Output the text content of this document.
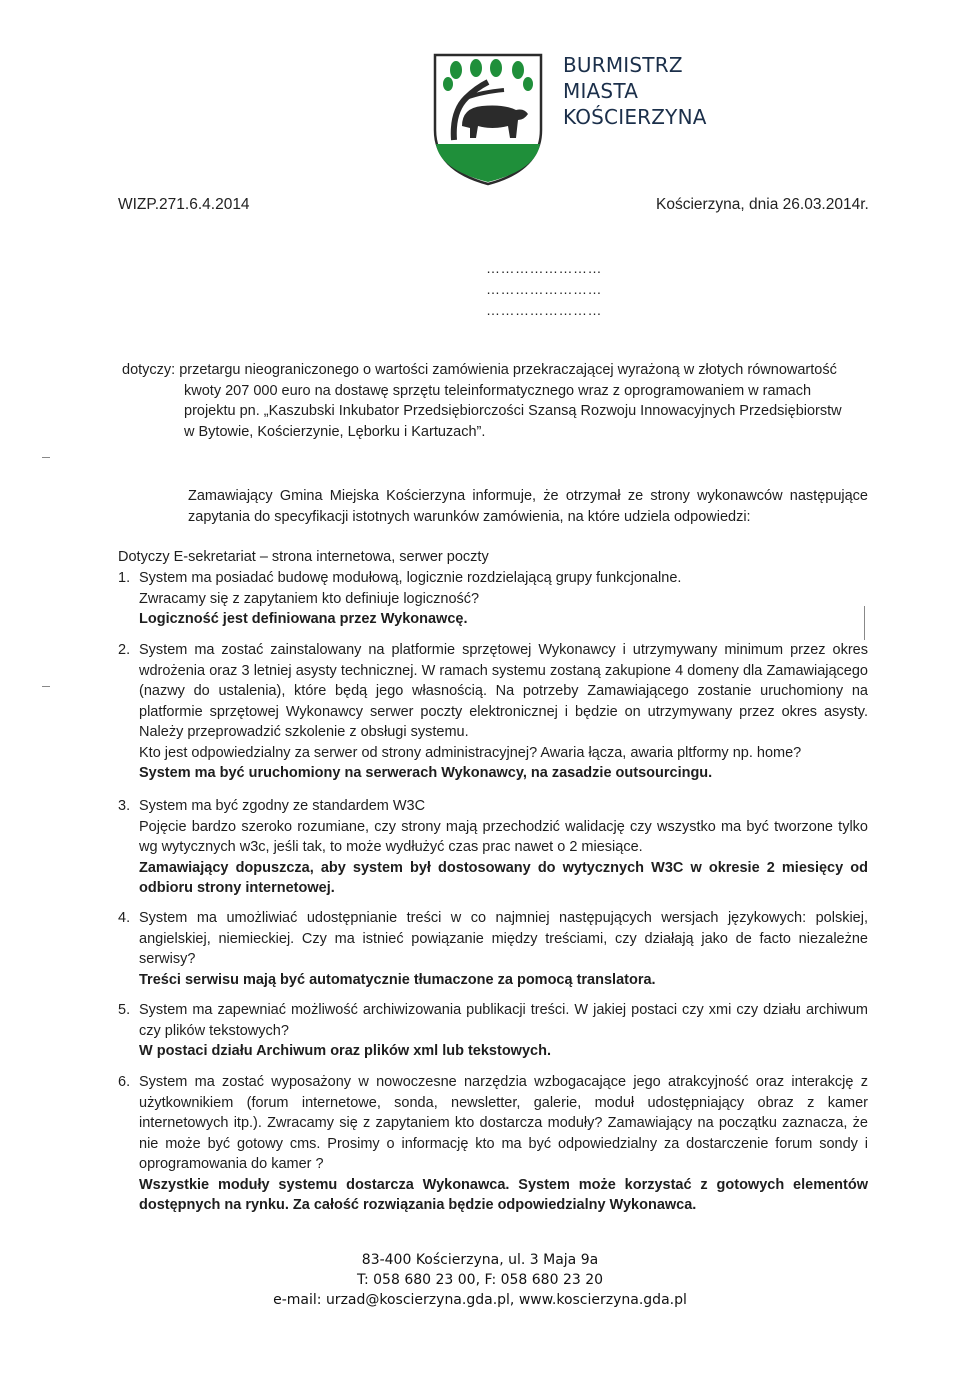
BURMISTRZ
MIASTA
KOŚCIERZYNA
WIZP.271.6.4.2014	Kościerzyna, dnia 26.03.2014r.
……………………
……………………
……………………
dotyczy: przetargu nieograniczonego o wartości zamówienia przekraczającej wyrażoną w złotych równowartość
kwoty 207 000 euro na dostawę sprzętu teleinformatycznego wraz z oprogramowaniem w ramach
projektu pn. „Kaszubski Inkubator Przedsiębiorczości Szansą Rozwoju Innowacyjnych Przedsiębiorstw
w Bytowie, Kościerzynie, Lęborku i Kartuzach”.
Zamawiający Gmina Miejska Kościerzyna informuje, że otrzymał ze strony wykonawców następujące zapytania do specyfikacji istotnych warunków zamówienia, na które udziela odpowiedzi:
Dotyczy E-sekretariat – strona internetowa, serwer poczty
1. System ma posiadać budowę modułową, logicznie rozdzielającą grupy funkcjonalne.

Zwracamy się z zapytaniem kto definiuje logiczność?

Logiczność jest definiowana przez Wykonawcę.

2. System ma zostać zainstalowany na platformie sprzętowej Wykonawcy i utrzymywany minimum przez okres wdrożenia oraz 3 letniej asysty technicznej. W ramach systemu zostaną zakupione 4 domeny dla Zamawiającego (nazwy do ustalenia), które będą jego własnością. Na potrzeby Zamawiającego zostanie uruchomiony na platformie sprzętowej Wykonawcy serwer poczty elektronicznej i będzie on utrzymywany przez okres asysty. Należy przeprowadzić szkolenie z obsługi systemu.

Kto jest odpowiedzialny za serwer od strony administracyjnej? Awaria łącza, awaria pltformy np. home?

System ma być uruchomiony na serwerach Wykonawcy, na zasadzie outsourcingu.

3. System ma być zgodny ze standardem W3C

Pojęcie bardzo szeroko rozumiane, czy strony mają przechodzić walidację czy wszystko ma być tworzone tylko wg wytycznych w3c, jeśli tak, to może wydłużyć czas prac nawet o 2 miesiące.

Zamawiający dopuszcza, aby system był dostosowany do wytycznych W3C w okresie 2 miesięcy od odbioru strony internetowej.

4. System ma umożliwiać udostępnianie treści w co najmniej następujących wersjach językowych: polskiej, angielskiej, niemieckiej. Czy ma istnieć powiązanie między treściami, czy działają jako de facto niezależne serwisy?

Treści serwisu mają być automatycznie tłumaczone za pomocą translatora.

5. System ma zapewniać możliwość archiwizowania publikacji treści. W jakiej postaci czy xmi czy działu archiwum czy plików tekstowych?

W postaci działu Archiwum oraz plików xml lub tekstowych.

6. System ma zostać wyposażony w nowoczesne narzędzia wzbogacające jego atrakcyjność oraz interakcję z użytkownikiem (forum internetowe, sonda, newsletter, galerie, moduł udostępniający obraz z kamer internetowych itp.). Zwracamy się z zapytaniem kto dostarcza moduły? Zamawiający na początku zaznacza, że nie może być gotowy cms. Prosimy o informację kto ma być odpowiedzialny za dostarczenie forum sondy i oprogramowania do kamer ?

Wszystkie moduły systemu dostarcza Wykonawca. System może korzystać z gotowych elementów dostępnych na rynku. Za całość rozwiązania będzie odpowiedzialny Wykonawca.

83-400 Kościerzyna, ul. 3 Maja 9a
T: 058 680 23 00, F: 058 680 23 20
e-mail: urzad@koscierzyna.gda.pl, www.koscierzyna.gda.pl
